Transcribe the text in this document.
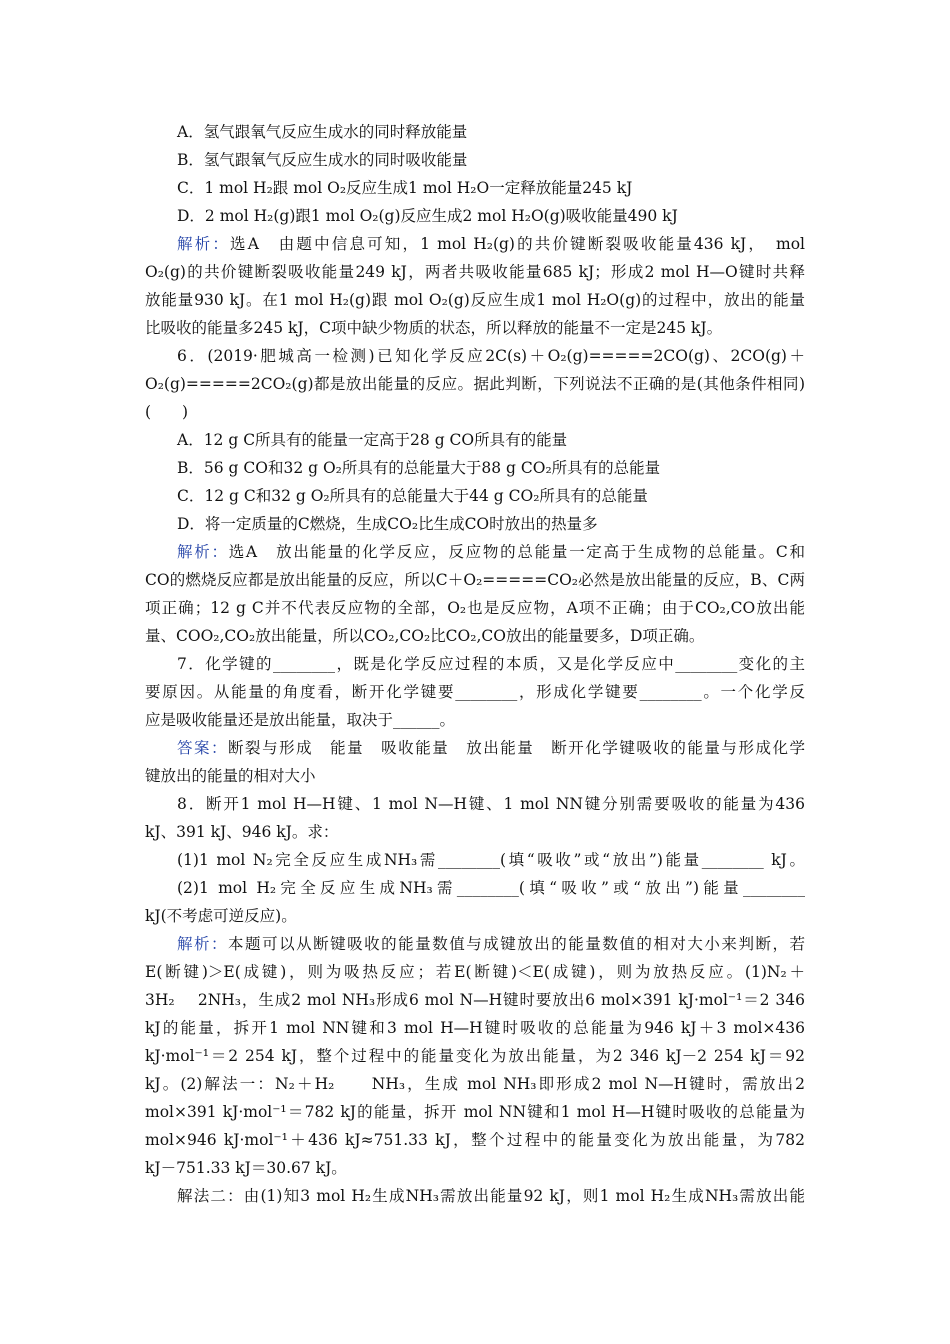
A．氢气跟氧气反应生成水的同时释放能量
B．氢气跟氧气反应生成水的同时吸收能量
C．1 mol H₂跟 mol O₂反应生成1 mol H₂O一定释放能量245 kJ
D．2 mol H₂(g)跟1 mol O₂(g)反应生成2 mol H₂O(g)吸收能量490 kJ
解析：选A　由题中信息可知，1 mol H₂(g)的共价键断裂吸收能量436 kJ，　mol
O₂(g)的共价键断裂吸收能量249 kJ，两者共吸收能量685 kJ；形成2 mol H—O键时共释
放能量930 kJ。在1 mol H₂(g)跟 mol O₂(g)反应生成1 mol H₂O(g)的过程中，放出的能量
比吸收的能量多245 kJ，C项中缺少物质的状态，所以释放的能量不一定是245 kJ。
6．(2019·肥城高一检测)已知化学反应2C(s)＋O₂(g)=====2CO(g)、2CO(g)＋
O₂(g)=====2CO₂(g)都是放出能量的反应。据此判断，下列说法不正确的是(其他条件相同)
(　　)
A．12 g C所具有的能量一定高于28 g CO所具有的能量
B．56 g CO和32 g O₂所具有的总能量大于88 g CO₂所具有的总能量
C．12 g C和32 g O₂所具有的总能量大于44 g CO₂所具有的总能量
D．将一定质量的C燃烧，生成CO₂比生成CO时放出的热量多
解析：选A　放出能量的化学反应，反应物的总能量一定高于生成物的总能量。C和
CO的燃烧反应都是放出能量的反应，所以C＋O₂=====CO₂必然是放出能量的反应，B、C两
项正确；12 g C并不代表反应物的全部，O₂也是反应物，A项不正确；由于CO₂,CO放出能
量、COO₂,CO₂放出能量，所以CO₂,CO₂比CO₂,CO放出的能量要多，D项正确。
7．化学键的________，既是化学反应过程的本质，又是化学反应中________变化的主
要原因。从能量的角度看，断开化学键要________，形成化学键要________。一个化学反
应是吸收能量还是放出能量，取决于______。
答案：断裂与形成　能量　吸收能量　放出能量　断开化学键吸收的能量与形成化学
键放出的能量的相对大小
8．断开1 mol H—H键、1 mol N—H键、1 mol NN键分别需要吸收的能量为436
kJ、391 kJ、946 kJ。求：
(1)1 mol N₂完全反应生成NH₃需________(填“吸收”或“放出”)能量________ kJ。
(2)1 mol H₂完全反应生成NH₃需________(填“吸收”或“放出”)能量________
kJ(不考虑可逆反应)。
解析：本题可以从断键吸收的能量数值与成键放出的能量数值的相对大小来判断，若
E(断键)＞E(成键)，则为吸热反应；若E(断键)＜E(成键)，则为放热反应。(1)N₂＋
3H₂　 2NH₃，生成2 mol NH₃形成6 mol N—H键时要放出6 mol×391 kJ·mol⁻¹＝2 346
kJ的能量，拆开1 mol NN键和3 mol H—H键时吸收的总能量为946 kJ＋3 mol×436
kJ·mol⁻¹＝2 254 kJ，整个过程中的能量变化为放出能量，为2 346 kJ－2 254 kJ＝92
kJ。(2)解法一：N₂＋H₂　　NH₃，生成 mol NH₃即形成2 mol N—H键时，需放出2
mol×391 kJ·mol⁻¹＝782 kJ的能量，拆开 mol NN键和1 mol H—H键时吸收的总能量为
mol×946 kJ·mol⁻¹＋436 kJ≈751.33 kJ，整个过程中的能量变化为放出能量，为782
kJ－751.33 kJ＝30.67 kJ。
解法二：由(1)知3 mol H₂生成NH₃需放出能量92 kJ，则1 mol H₂生成NH₃需放出能
